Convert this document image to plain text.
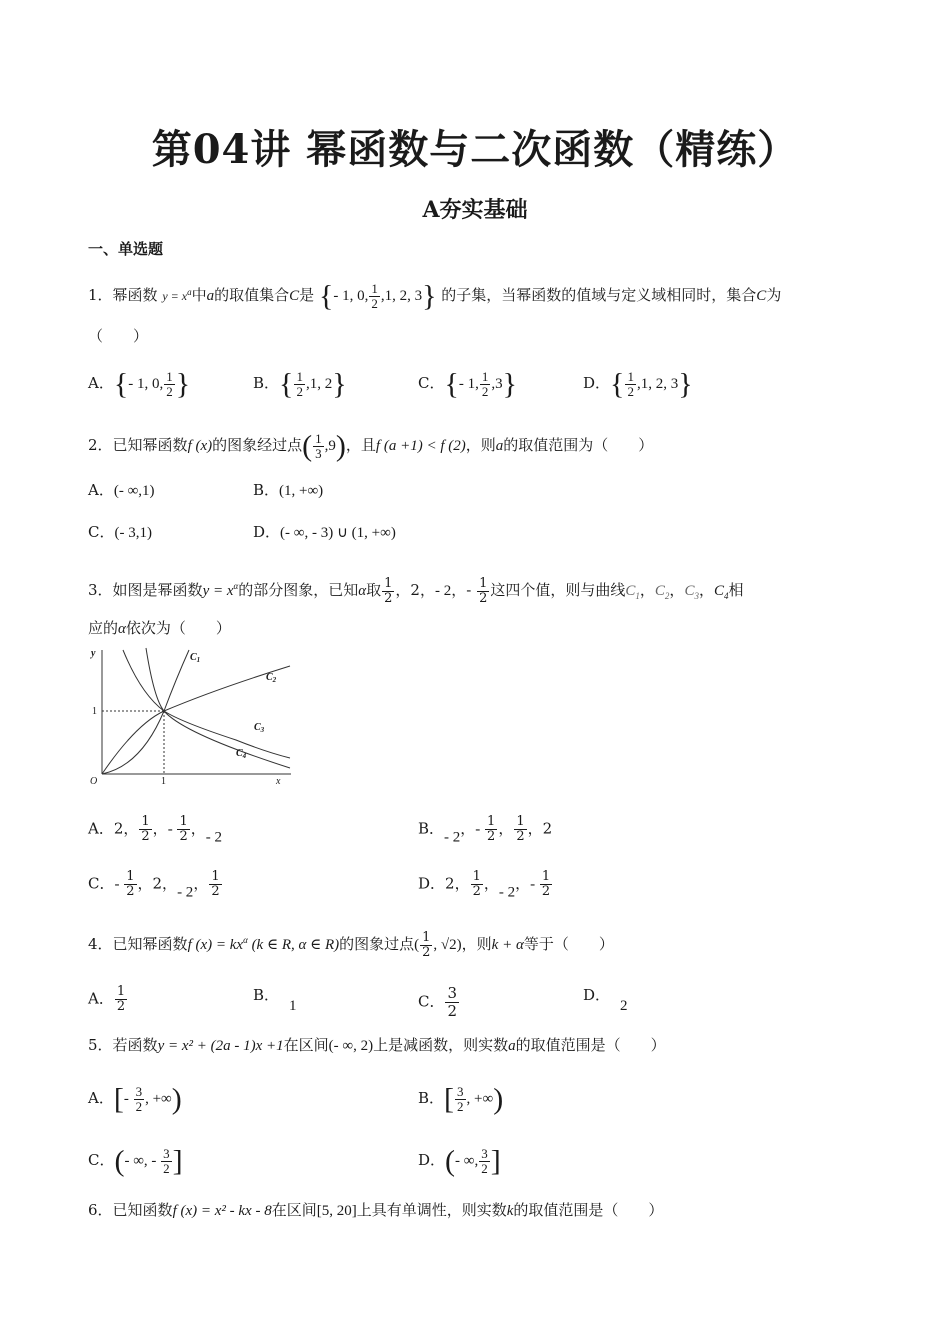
第04讲 幂函数与二次函数（精练）
A夯实基础
一、单选题
1．幂函数 $y = x^a$中a的取值集合C是 {- 1, 0, $\frac{1}{2} ,1$, 2, 3} 的子集，当幂函数的值域与定义域相同时，集合C为
（　　）
A．{- 1, 0, $\frac{1}{2}$ }	B．{ $\frac{1}{2} ,1$, 2}	C．{- 1, $\frac{1}{2} ,3$}	D．{ $\frac{1}{2} ,1$, 2, 3}
2．已知幂函数f (x)的图象经过点( $\frac{1}{3} ,9$)，且f (a +1) < f (2)，则a的取值范围为（　　）
A．(- ∞,1)	B．(1, +∞)
C．(- 3,1)	D．(- ∞, - 3) ∪ (1, +∞)
3．如图是幂函数$y = x^\alpha$的部分图象，已知α取 $\frac{1}{2}$ ，2，- 2，- $\frac{1}{2}$ 这四个值，则与曲线$C_1$，$C_2$，$C_3$，$C_4$相
应的α依次为（　　）
y
x
O	1
1
$C_1$
$C_2$
$C_3$
$C_4$
A．2， $\frac{1}{2}$ ，- $\frac{1}{2}$ ，- 2	B．- 2，- $\frac{1}{2}$ ， $\frac{1}{2}$ ，2
C．- $\frac{1}{2}$ ，2，- 2， $\frac{1}{2}$	D．2， $\frac{1}{2}$ ，- 2，- $\frac{1}{2}$
4．已知幂函数f $(x) = kx^\alpha$ (k ∈ R, α ∈ R)的图象过点( $\frac{1}{2}$ , √2)，则k + α等于（　　）
A． $\frac{1}{2}$	B．1	C． $\frac{3}{2}$	D．2
5．若函数y = x² + (2a - 1)x +1在区间(- ∞, 2)上是减函数，则实数a的取值范围是（　　）
A．[- $\frac{3}{2}$ , +∞)	B．[ $\frac{3}{2}$ , +∞)
C．(- ∞, - $\frac{3}{2}$ ]	D．(- ∞, $\frac{3}{2}$ ]
6．已知函数f (x) = x² - kx - 8在区间[5, 20]上具有单调性，则实数k的取值范围是（　　）
